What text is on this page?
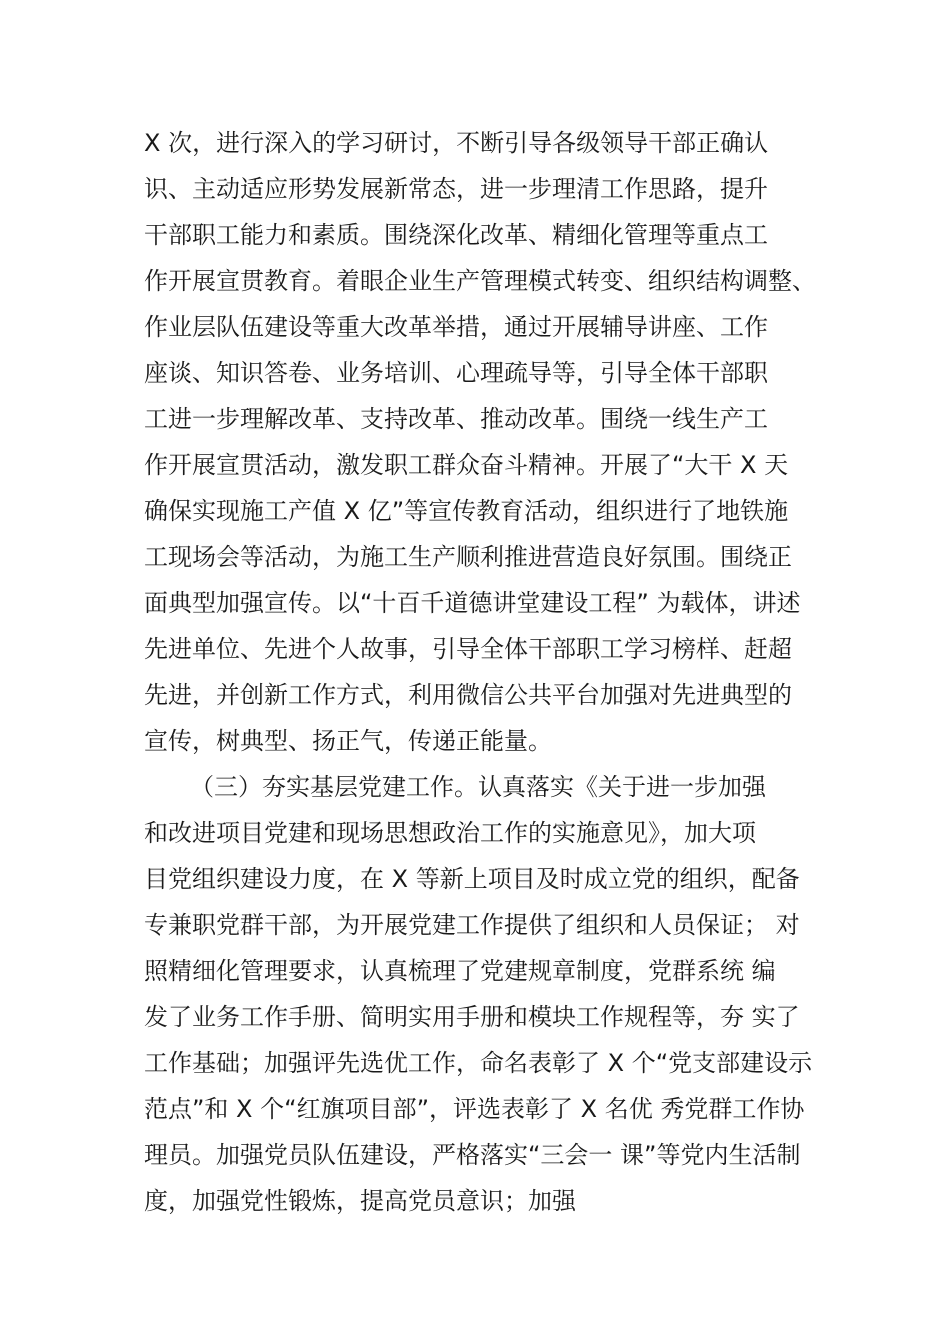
X 次，进行深入的学习研讨，不断引导各级领导干部正确认
识、主动适应形势发展新常态，进一步理清工作思路，提升
干部职工能力和素质。围绕深化改革、精细化管理等重点工
作开展宣贯教育。着眼企业生产管理模式转变、组织结构调整、
作业层队伍建设等重大改革举措，通过开展辅导讲座、工作
座谈、知识答卷、业务培训、心理疏导等，引导全体干部职
工进一步理解改革、支持改革、推动改革。围绕一线生产工
作开展宣贯活动，激发职工群众奋斗精神。开展了“大干 X 天
确保实现施工产值 X 亿”等宣传教育活动，组织进行了地铁施
工现场会等活动，为施工生产顺利推进营造良好氛围。围绕正
面典型加强宣传。以“十百千道德讲堂建设工程” 为载体，讲述
先进单位、先进个人故事，引导全体干部职工学习榜样、赶超
先进，并创新工作方式，利用微信公共平台加强对先进典型的
宣传，树典型、扬正气，传递正能量。
（三）夯实基层党建工作。认真落实《关于进一步加强
和改进项目党建和现场思想政治工作的实施意见》，加大项
目党组织建设力度，在 X 等新上项目及时成立党的组织，配备
专兼职党群干部，为开展党建工作提供了组织和人员保证； 对
照精细化管理要求，认真梳理了党建规章制度，党群系统 编
发了业务工作手册、简明实用手册和模块工作规程等，夯 实了
工作基础；加强评先选优工作，命名表彰了 X 个“党支部建设示
范点”和 X 个“红旗项目部”，评选表彰了 X 名优 秀党群工作协
理员。加强党员队伍建设，严格落实“三会一 课”等党内生活制
度，加强党性锻炼，提高党员意识；加强
